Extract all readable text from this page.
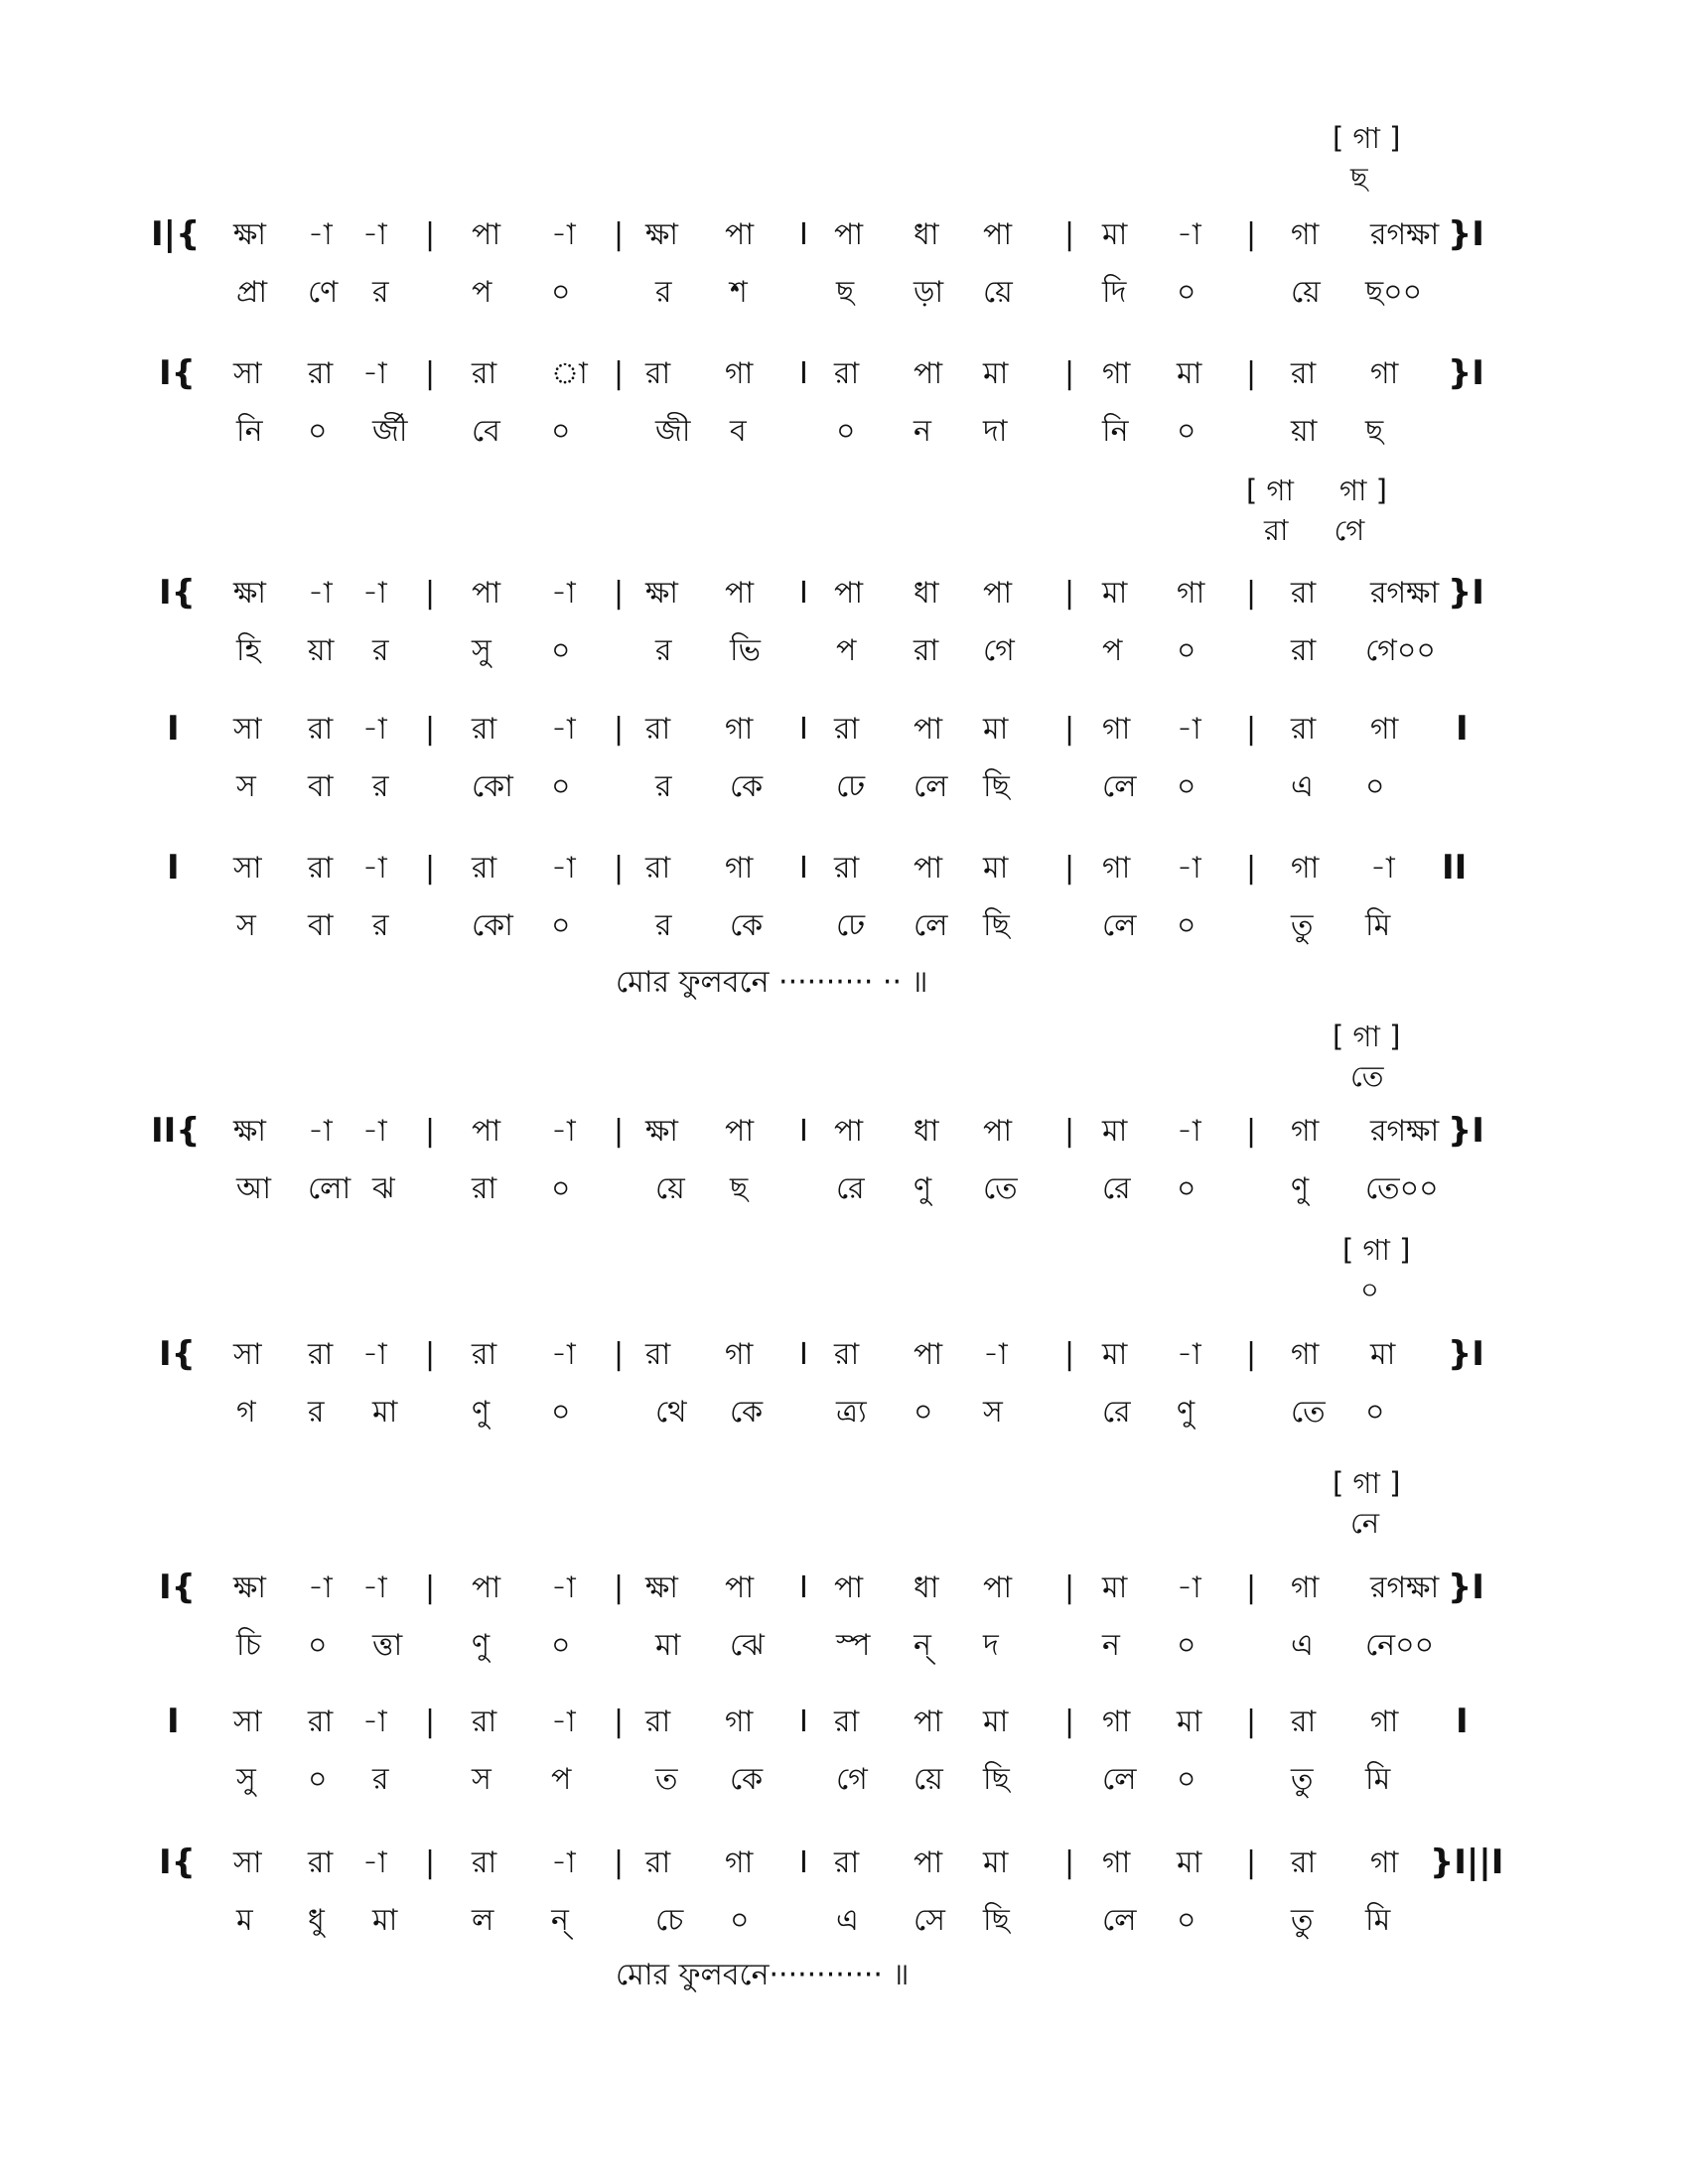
[ গা ]
ছ
I|{ ক্ষা -া -া | পা -া | ক্ষা পা I পা ধা পা | মা -া | গা রগক্ষা }I
প্রা ণে র	প ০	র শ	ছ ড়া য়ে	দি ০	য়ে ছ০০
I{ সা রা -া | রা া | রা গা I রা পা মা | গা মা | রা গা }I
নি ০ র্জী বে ০	জী ব	০ ন দা	নি ০	য়া ছ
[ গা     গা ]
রা     গে
I{ ক্ষা -া -া | পা -া | ক্ষা পা I পা ধা পা | মা গা | রা রগক্ষা }I
হি য়া র	সু ০	র ভি	প রা গে	প ০	রা গে০০
I সা রা -া | রা -া | রা গা I রা পা মা | গা -া | রা গা I
স বা র	কো ০	র কে ঢে লে ছি	লে ০	এ ০
I সা রা -া | রা -া | রা গা I রা পা মা | গা -া | গা -া II
স বা র	কো ০	র কে ঢে লে ছি	লে ০	তু মি
[ গা ]
তে
II{ ক্ষা -া -া | পা -া | ক্ষা পা I পা ধা পা | মা -া | গা রগক্ষা }I
আ লো ঝ	রা ০	য়ে ছ	রে ণু তে	রে ০	ণু তে০০
[ গা ]
০
I{ সা রা -া | রা -া | রা গা I রা পা -া | মা -া | গা মা }I
গ র মা ণু ০	থে কে ত্র্য ০ স	রে ণু	তে ০
[ গা ]
নে
I{ ক্ষা -া -া | পা -া | ক্ষা পা I পা ধা পা | মা -া | গা রগক্ষা }I
চি ০ ত্তা ণু ০	মা ঝে স্প ন্ দ	ন ০	এ নে০০
I সা রা -া | রা -া | রা গা I রা পা মা | গা মা | রা গা I
সু ০ র	স প	ত কে গে য়ে ছি	লে ০	তু মি
I{ সা রা -া | রা -া | রা গা I রা পা মা | গা মা | রা গা }I||I
ম ধু মা ল ন্	চে ০	এ সে ছি	লে ০	তু মি
মোর ফুলবনে ·········· ·· ॥
মোর ফুলবনে············ ॥
